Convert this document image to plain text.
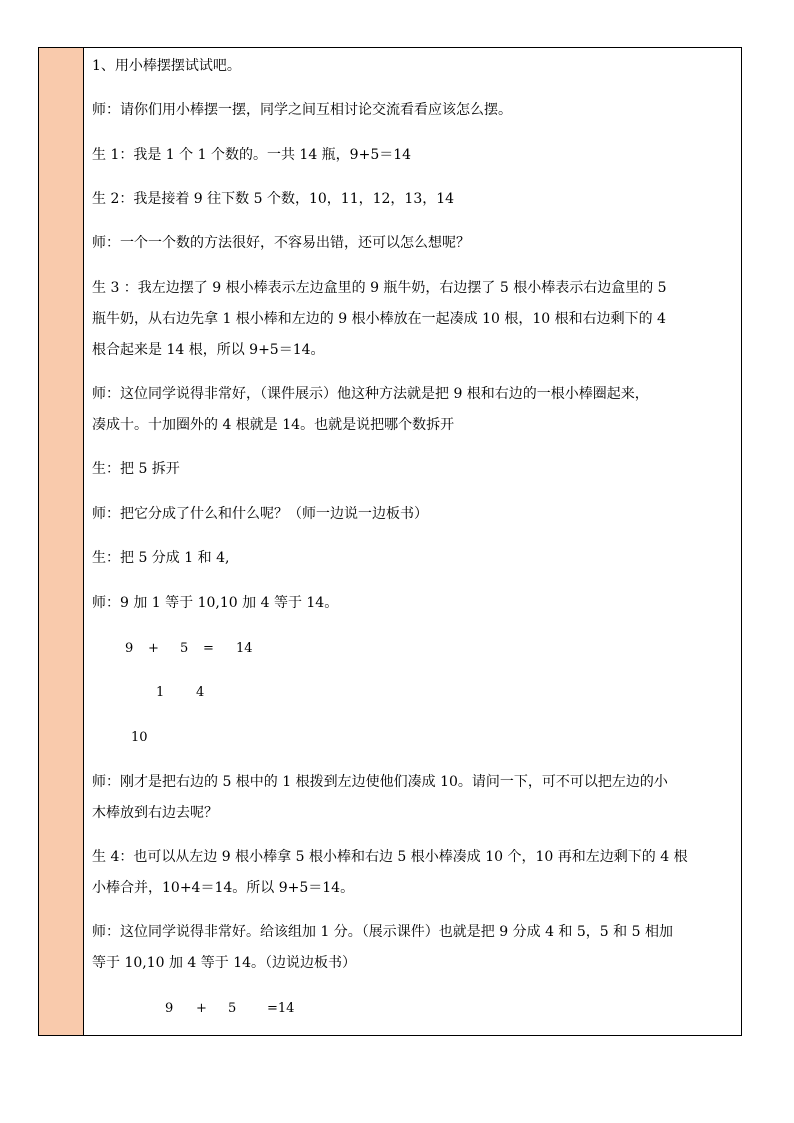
1、用小棒摆摆试试吧。
师：请你们用小棒摆一摆，同学之间互相讨论交流看看应该怎么摆。
生 1：我是 1 个 1 个数的。一共 14 瓶，9+5＝14
生 2：我是接着 9 往下数 5 个数，10，11，12，13，14
师：一个一个数的方法很好，不容易出错，还可以怎么想呢？
生 3 ：我左边摆了 9 根小棒表示左边盒里的 9 瓶牛奶，右边摆了 5 根小棒表示右边盒里的 5
瓶牛奶，从右边先拿 1 根小棒和左边的 9 根小棒放在一起凑成 10 根，10 根和右边剩下的 4
根合起来是 14 根，所以 9+5＝14。
师：这位同学说得非常好，（课件展示）他这种方法就是把 9 根和右边的一根小棒圈起来，
凑成十。十加圈外的 4 根就是 14。也就是说把哪个数拆开
生：把 5 拆开
师：把它分成了什么和什么呢？（师一边说一边板书）
生：把 5 分成 1 和 4,
师：9 加 1 等于 10,10 加 4 等于 14。
9 + 5 = 14
1 4
10
师：刚才是把右边的 5 根中的 1 根拨到左边使他们凑成 10。请问一下，可不可以把左边的小
木棒放到右边去呢？
生 4：也可以从左边 9 根小棒拿 5 根小棒和右边 5 根小棒凑成 10 个，10 再和左边剩下的 4 根
小棒合并，10+4＝14。所以 9+5＝14。
师：这位同学说得非常好。给该组加 1 分。（展示课件）也就是把 9 分成 4 和 5，5 和 5 相加
等于 10,10 加 4 等于 14。（边说边板书）
9 + 5 =14
